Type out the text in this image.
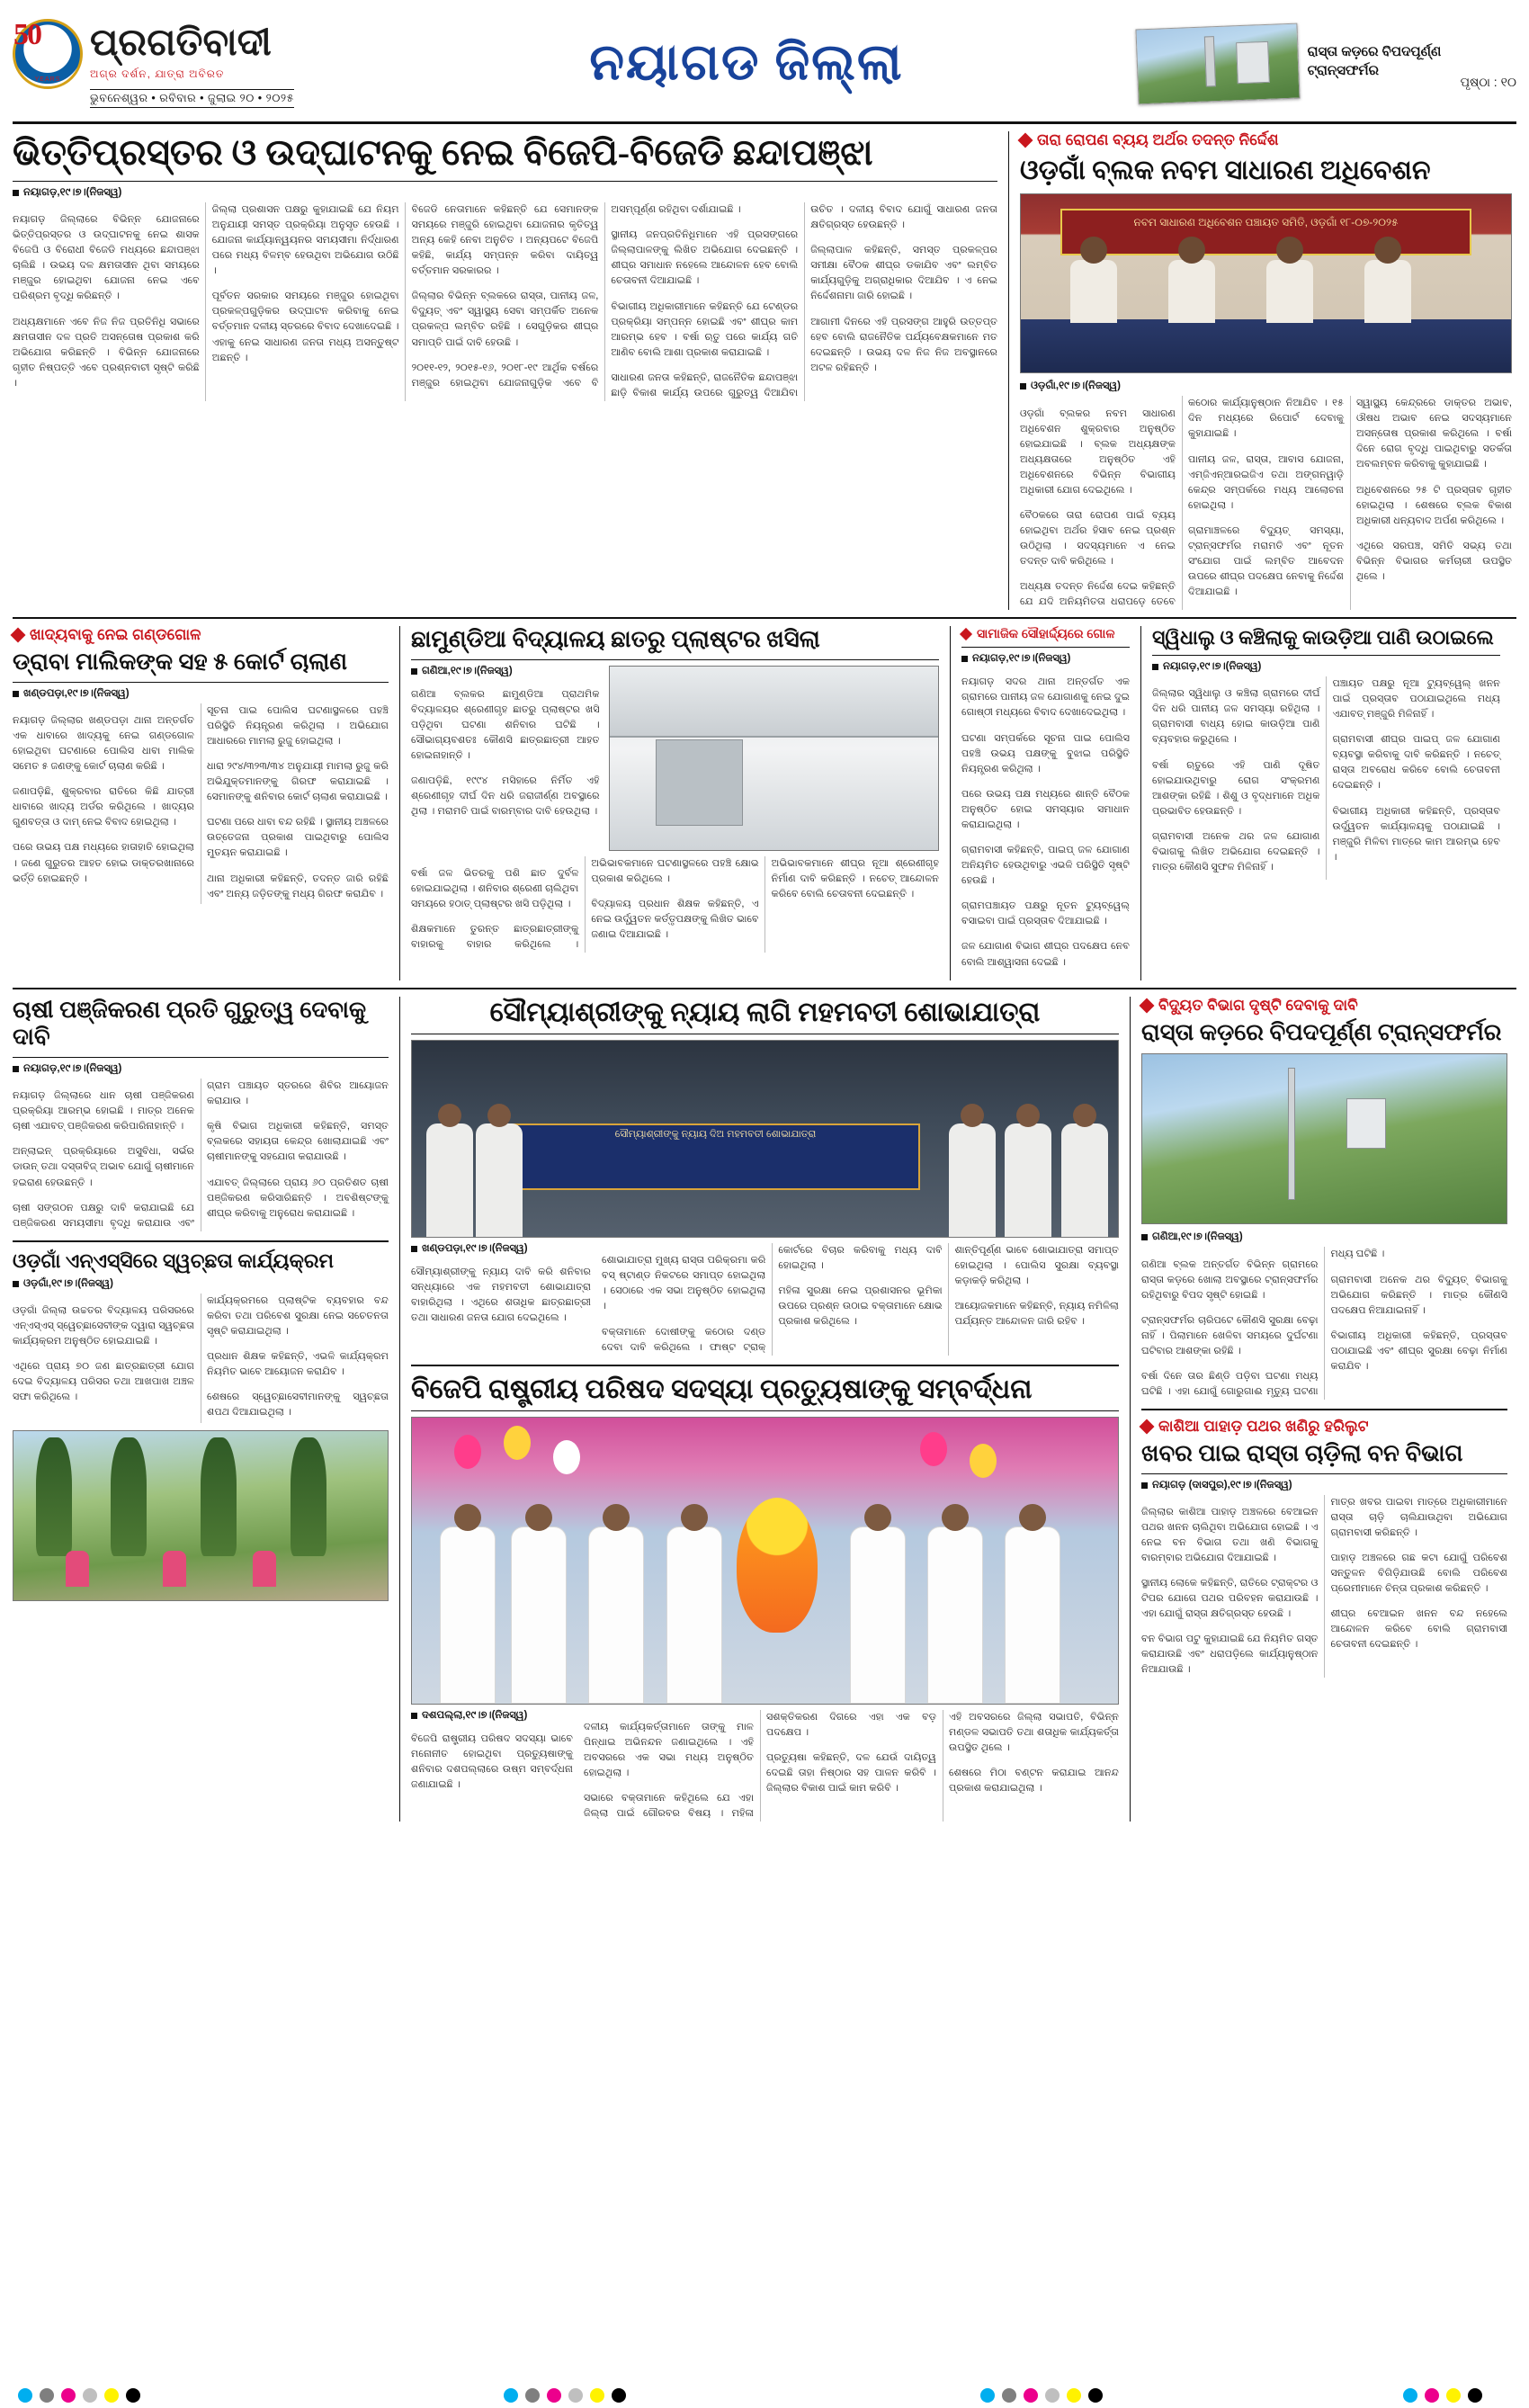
50
YEARS
ପ୍ରଗତିବାଦୀ
ଅଗ୍ର ଦର୍ଶନ, ଯାତ୍ରା ଅବିରତ
ଭୁବନେଶ୍ୱର • ରବିବାର • ଜୁଲାଇ ୨୦ • ୨୦୨୫
ନୟାଗଡ ଜିଲ୍ଲା	ରାସ୍ତା କଡ଼ରେ ବିପଦପୂର୍ଣ୍ଣ ଟ୍ରାନ୍ସଫର୍ମର
ପୃଷ୍ଠା : ୧୦
ଭିତ୍ତିପ୍ରସ୍ତର ଓ ଉଦ୍‌ଘାଟନକୁ ନେଇ ବିଜେପି-ବିଜେଡି ଛନ୍ଦାପଞ୍ଝା
ନୟାଗଡ଼,୧୯।୭।(ନିଜସ୍ୱ)

ନୟାଗଡ଼ ଜିଲ୍ଲାରେ ବିଭିନ୍ନ ଯୋଜନାରେ ଭିତ୍ତିପ୍ରସ୍ତର ଓ ଉଦ୍‌ଘାଟନକୁ ନେଇ ଶାସକ ବିଜେପି ଓ ବିରୋଧୀ ବିଜେଡି ମଧ୍ୟରେ ଛନ୍ଦାପଞ୍ଝା ଚାଲିଛି । ଉଭୟ ଦଳ କ୍ଷମତାସୀନ ଥିବା ସମୟରେ ମଞ୍ଜୁର ହୋଇଥିବା ଯୋଜନା ନେଇ ଏବେ ପରିଶ୍ରମ ବୃଦ୍ଧି କରିଛନ୍ତି ।

ଅଧ୍ୟକ୍ଷମାନେ ଏବେ ନିଜ ନିଜ ପ୍ରତିନିଧି ସଭାରେ କ୍ଷମତାସୀନ ଦଳ ପ୍ରତି ଅସନ୍ତୋଷ ପ୍ରକାଶ କରି ଅଭିଯୋଗ କରିଛନ୍ତି । ବିଭିନ୍ନ ଯୋଜନାରେ ଗୃହୀତ ନିଷ୍ପତ୍ତି ଏବେ ପ୍ରଶ୍ନବାଚୀ ସୃଷ୍ଟି କରିଛି ।

ଜିଲ୍ଲା ପ୍ରଶାସନ ପକ୍ଷରୁ କୁହାଯାଇଛି ଯେ ନିୟମ ଅନୁଯାୟୀ ସମସ୍ତ ପ୍ରକ୍ରିୟା ଅନୁସୃତ ହେଉଛି । ଯୋଜନା କାର୍ଯ୍ୟାନ୍ୱୟନର ସମୟସୀମା ନିର୍ଦ୍ଧାରଣ ପରେ ମଧ୍ୟ ବିଳମ୍ବ ହେଉଥିବା ଅଭିଯୋଗ ଉଠିଛି ।

ପୂର୍ବତନ ସରକାର ସମୟରେ ମଞ୍ଜୁର ହୋଇଥିବା ପ୍ରକଳ୍ପଗୁଡ଼ିକର ଉଦ୍‌ଘାଟନ କରିବାକୁ ନେଇ ବର୍ତ୍ତମାନ ଦଳୀୟ ସ୍ତରରେ ବିବାଦ ଦେଖାଦେଇଛି । ଏହାକୁ ନେଇ ସାଧାରଣ ଜନତା ମଧ୍ୟ ଅସନ୍ତୁଷ୍ଟ ଅଛନ୍ତି ।

ବିଜେଡି ନେତାମାନେ କହିଛନ୍ତି ଯେ ସେମାନଙ୍କ ସମୟରେ ମଞ୍ଜୁରି ହୋଇଥିବା ଯୋଜନାର କୃତିତ୍ୱ ଅନ୍ୟ କେହି ନେବା ଅନୁଚିତ । ଅନ୍ୟପଟେ ବିଜେପି କହିଛି, କାର୍ଯ୍ୟ ସମ୍ପନ୍ନ କରିବା ଦାୟିତ୍ୱ ବର୍ତ୍ତମାନ ସରକାରର ।

ଜିଲ୍ଲାର ବିଭିନ୍ନ ବ୍ଲକରେ ରାସ୍ତା, ପାନୀୟ ଜଳ, ବିଦ୍ୟୁତ୍ ଏବଂ ସ୍ୱାସ୍ଥ୍ୟ ସେବା ସମ୍ପର୍କିତ ଅନେକ ପ୍ରକଳ୍ପ ଲମ୍ବିତ ରହିଛି । ସେଗୁଡ଼ିକର ଶୀଘ୍ର ସମାପ୍ତି ପାଇଁ ଦାବି ହେଉଛି ।

୨୦୧୧-୧୨, ୨୦୧୫-୧୬, ୨୦୧୮-୧୯ ଆର୍ଥିକ ବର୍ଷରେ ମଞ୍ଜୁର ହୋଇଥିବା ଯୋଜନାଗୁଡ଼ିକ ଏବେ ବି ଅସମ୍ପୂର୍ଣ୍ଣ ରହିଥିବା ଦର୍ଶାଯାଇଛି ।

ସ୍ଥାନୀୟ ଜନପ୍ରତିନିଧିମାନେ ଏହି ପ୍ରସଙ୍ଗରେ ଜିଲ୍ଲାପାଳଙ୍କୁ ଲିଖିତ ଅଭିଯୋଗ ଦେଇଛନ୍ତି । ଶୀଘ୍ର ସମାଧାନ ନହେଲେ ଆନ୍ଦୋଳନ ହେବ ବୋଲି ଚେତାବନୀ ଦିଆଯାଇଛି ।

ବିଭାଗୀୟ ଅଧିକାରୀମାନେ କହିଛନ୍ତି ଯେ ଟେଣ୍ଡର ପ୍ରକ୍ରିୟା ସମ୍ପନ୍ନ ହୋଇଛି ଏବଂ ଶୀଘ୍ର କାମ ଆରମ୍ଭ ହେବ । ବର୍ଷା ଋତୁ ପରେ କାର୍ଯ୍ୟ ଗତି ଆଣିବ ବୋଲି ଆଶା ପ୍ରକାଶ କରାଯାଇଛି ।

ସାଧାରଣ ଜନତା କହିଛନ୍ତି, ରାଜନୈତିକ ଛନ୍ଦାପଞ୍ଝା ଛାଡ଼ି ବିକାଶ କାର୍ଯ୍ୟ ଉପରେ ଗୁରୁତ୍ୱ ଦିଆଯିବା ଉଚିତ । ଦଳୀୟ ବିବାଦ ଯୋଗୁଁ ସାଧାରଣ ଜନତା କ୍ଷତିଗ୍ରସ୍ତ ହେଉଛନ୍ତି ।

ଜିଲ୍ଲାପାଳ କହିଛନ୍ତି, ସମସ୍ତ ପ୍ରକଳ୍ପର ସମୀକ୍ଷା ବୈଠକ ଶୀଘ୍ର ଡକାଯିବ ଏବଂ ଲମ୍ବିତ କାର୍ଯ୍ୟଗୁଡ଼ିକୁ ଅଗ୍ରାଧିକାର ଦିଆଯିବ । ଏ ନେଇ ନିର୍ଦ୍ଦେଶନାମା ଜାରି ହୋଇଛି ।

ଆଗାମୀ ଦିନରେ ଏହି ପ୍ରସଙ୍ଗ ଆହୁରି ଉତ୍ତପ୍ତ ହେବ ବୋଲି ରାଜନୈତିକ ପର୍ଯ୍ୟବେକ୍ଷକମାନେ ମତ ଦେଇଛନ୍ତି । ଉଭୟ ଦଳ ନିଜ ନିଜ ଅବସ୍ଥାନରେ ଅଟଳ ରହିଛନ୍ତି ।

ତାରା ରୋପଣ ବ୍ୟୟ ଅର୍ଥର ତଦନ୍ତ ନିର୍ଦ୍ଦେଶ
ଓଡ଼ଗାଁ ବ୍ଲକ ନବମ ସାଧାରଣ ଅଧିବେଶନ
ନବମ ସାଧାରଣ ଅଧିବେଶନ ପଞ୍ଚାୟତ ସମିତି, ଓଡ଼ଗାଁ ୧୮-୦୭-୨୦୨୫
ଓଡ଼ଗାଁ,୧୯।୭।(ନିଜସ୍ୱ)

ଓଡ଼ଗାଁ ବ୍ଲକର ନବମ ସାଧାରଣ ଅଧିବେଶନ ଶୁକ୍ରବାର ଅନୁଷ୍ଠିତ ହୋଇଯାଇଛି । ବ୍ଲକ ଅଧ୍ୟକ୍ଷଙ୍କ ଅଧ୍ୟକ୍ଷତାରେ ଅନୁଷ୍ଠିତ ଏହି ଅଧିବେଶନରେ ବିଭିନ୍ନ ବିଭାଗୀୟ ଅଧିକାରୀ ଯୋଗ ଦେଇଥିଲେ ।

ବୈଠକରେ ତାରା ରୋପଣ ପାଇଁ ବ୍ୟୟ ହୋଇଥିବା ଅର୍ଥର ହିସାବ ନେଇ ପ୍ରଶ୍ନ ଉଠିଥିଲା । ସଦସ୍ୟମାନେ ଏ ନେଇ ତଦନ୍ତ ଦାବି କରିଥିଲେ ।

ଅଧ୍ୟକ୍ଷ ତଦନ୍ତ ନିର୍ଦ୍ଦେଶ ଦେଇ କହିଛନ୍ତି ଯେ ଯଦି ଅନିୟମିତତା ଧରାପଡ଼େ ତେବେ କଠୋର କାର୍ଯ୍ୟାନୁଷ୍ଠାନ ନିଆଯିବ । ୧୫ ଦିନ ମଧ୍ୟରେ ରିପୋର୍ଟ ଦେବାକୁ କୁହାଯାଇଛି ।

ପାନୀୟ ଜଳ, ରାସ୍ତା, ଆବାସ ଯୋଜନା, ଏମ୍‌ଜିଏନ୍‌ଆରଇଜିଏ ତଥା ଅଙ୍ଗନୱାଡ଼ି କେନ୍ଦ୍ର ସମ୍ପର୍କରେ ମଧ୍ୟ ଆଲୋଚନା ହୋଇଥିଲା ।

ଗ୍ରାମାଞ୍ଚଳରେ ବିଦ୍ୟୁତ୍ ସମସ୍ୟା, ଟ୍ରାନ୍ସଫର୍ମର ମରାମତି ଏବଂ ନୂତନ ସଂଯୋଗ ପାଇଁ ଲମ୍ବିତ ଆବେଦନ ଉପରେ ଶୀଘ୍ର ପଦକ୍ଷେପ ନେବାକୁ ନିର୍ଦ୍ଦେଶ ଦିଆଯାଇଛି ।

ସ୍ୱାସ୍ଥ୍ୟ କେନ୍ଦ୍ରରେ ଡାକ୍ତର ଅଭାବ, ଔଷଧ ଅଭାବ ନେଇ ସଦସ୍ୟମାନେ ଅସନ୍ତୋଷ ପ୍ରକାଶ କରିଥିଲେ । ବର୍ଷା ଦିନେ ରୋଗ ବୃଦ୍ଧି ପାଇଥିବାରୁ ସତର୍କତା ଅବଲମ୍ବନ କରିବାକୁ କୁହାଯାଇଛି ।

ଅଧିବେଶନରେ ୨୫ ଟି ପ୍ରସ୍ତାବ ଗୃହୀତ ହୋଇଥିଲା । ଶେଷରେ ବ୍ଲକ ବିକାଶ ଅଧିକାରୀ ଧନ୍ୟବାଦ ଅର୍ପଣ କରିଥିଲେ ।

ଏଥିରେ ସରପଞ୍ଚ, ସମିତି ସଭ୍ୟ ତଥା ବିଭିନ୍ନ ବିଭାଗର କର୍ମଚାରୀ ଉପସ୍ଥିତ ଥିଲେ ।

ଖାଦ୍ୟବାକୁ ନେଇ ଗଣ୍ଡଗୋଳ
ଡ୍ରାବା ମାଲିକଙ୍କ ସହ ୫ କୋର୍ଟ ଚାଲାଣ
ଖଣ୍ଡପଡ଼ା,୧୯।୭।(ନିଜସ୍ୱ)

ନୟାଗଡ଼ ଜିଲ୍ଲାର ଖଣ୍ଡପଡ଼ା ଥାନା ଅନ୍ତର୍ଗତ ଏକ ଧାବାରେ ଖାଦ୍ୟକୁ ନେଇ ଗଣ୍ଡଗୋଳ ହୋଇଥିବା ଘଟଣାରେ ପୋଲିସ ଧାବା ମାଲିକ ସମେତ ୫ ଜଣଙ୍କୁ କୋର୍ଟ ଚାଲାଣ କରିଛି ।

ଜଣାପଡ଼ିଛି, ଶୁକ୍ରବାର ରାତିରେ କିଛି ଯାତ୍ରୀ ଧାବାରେ ଖାଦ୍ୟ ଅର୍ଡର କରିଥିଲେ । ଖାଦ୍ୟର ଗୁଣବତ୍ତା ଓ ଦାମ୍ ନେଇ ବିବାଦ ହୋଇଥିଲା ।

ପରେ ଉଭୟ ପକ୍ଷ ମଧ୍ୟରେ ହାତାହାତି ହୋଇଥିଲା । ଜଣେ ଗୁରୁତର ଆହତ ହୋଇ ଡାକ୍ତରଖାନାରେ ଭର୍ତ୍ତି ହୋଇଛନ୍ତି ।

ସୂଚନା ପାଇ ପୋଲିସ ଘଟଣାସ୍ଥଳରେ ପହଞ୍ଚି ପରିସ୍ଥିତି ନିୟନ୍ତ୍ରଣ କରିଥିଲା । ଅଭିଯୋଗ ଆଧାରରେ ମାମଲା ରୁଜୁ ହୋଇଥିଲା ।

ଧାରା ୨୯୪/୩୨୩/୩୪ ଅନୁଯାୟୀ ମାମଲା ରୁଜୁ କରି ଅଭିଯୁକ୍ତମାନଙ୍କୁ ଗିରଫ କରାଯାଇଛି । ସେମାନଙ୍କୁ ଶନିବାର କୋର୍ଟ ଚାଲାଣ କରାଯାଇଛି ।

ଘଟଣା ପରେ ଧାବା ବନ୍ଦ ରହିଛି । ସ୍ଥାନୀୟ ଅଞ୍ଚଳରେ ଉତ୍ତେଜନା ପ୍ରକାଶ ପାଇଥିବାରୁ ପୋଲିସ ମୁତୟନ କରାଯାଇଛି ।

ଥାନା ଅଧିକାରୀ କହିଛନ୍ତି, ତଦନ୍ତ ଜାରି ରହିଛି ଏବଂ ଅନ୍ୟ ଜଡ଼ିତଙ୍କୁ ମଧ୍ୟ ଗିରଫ କରାଯିବ ।

ଛାମୁଣ୍ଡିଆ ବିଦ୍ୟାଳୟ ଛାତରୁ ପ୍ଲାଷ୍ଟର ଖସିଲା
ଗଣିଆ,୧୯।୭।(ନିଜସ୍ୱ)

ଗଣିଆ ବ୍ଲକର ଛାମୁଣ୍ଡିଆ ପ୍ରାଥମିକ ବିଦ୍ୟାଳୟର ଶ୍ରେଣୀଗୃହ ଛାତରୁ ପ୍ଲାଷ୍ଟର ଖସି ପଡ଼ିଥିବା ଘଟଣା ଶନିବାର ଘଟିଛି । ସୌଭାଗ୍ୟବଶତଃ କୌଣସି ଛାତ୍ରଛାତ୍ରୀ ଆହତ ହୋଇନାହାନ୍ତି ।

ଜଣାପଡ଼ିଛି, ୧୯୯୪ ମସିହାରେ ନିର୍ମିତ ଏହି ଶ୍ରେଣୀଗୃହ ଦୀର୍ଘ ଦିନ ଧରି ଜରାଜୀର୍ଣ୍ଣ ଅବସ୍ଥାରେ ଥିଲା । ମରାମତି ପାଇଁ ବାରମ୍ବାର ଦାବି ହେଉଥିଲା ।

ବର୍ଷା ଜଳ ଭିତରକୁ ପଶି ଛାତ ଦୁର୍ବଳ ହୋଇଯାଇଥିଲା । ଶନିବାର ଶ୍ରେଣୀ ଚାଲିଥିବା ସମୟରେ ହଠାତ୍ ପ୍ଲାଷ୍ଟର ଖସି ପଡ଼ିଥିଲା ।

ଶିକ୍ଷକମାନେ ତୁରନ୍ତ ଛାତ୍ରଛାତ୍ରୀଙ୍କୁ ବାହାରକୁ ବାହାର କରିଥିଲେ । ଅଭିଭାବକମାନେ ଘଟଣାସ୍ଥଳରେ ପହଞ୍ଚି କ୍ଷୋଭ ପ୍ରକାଶ କରିଥିଲେ ।

ବିଦ୍ୟାଳୟ ପ୍ରଧାନ ଶିକ୍ଷକ କହିଛନ୍ତି, ଏ ନେଇ ଉର୍ଦ୍ଧ୍ୱତନ କର୍ତ୍ତୃପକ୍ଷଙ୍କୁ ଲିଖିତ ଭାବେ ଜଣାଇ ଦିଆଯାଇଛି ।

ଅଭିଭାବକମାନେ ଶୀଘ୍ର ନୂଆ ଶ୍ରେଣୀଗୃହ ନିର୍ମାଣ ଦାବି କରିଛନ୍ତି । ନଚେତ୍ ଆନ୍ଦୋଳନ କରିବେ ବୋଲି ଚେତାବନୀ ଦେଇଛନ୍ତି ।

ସାମାଜିକ ସୌହାର୍ଦ୍ଦ୍ୟରେ ଗୋଳ
ନୟାଗଡ଼,୧୯।୭।(ନିଜସ୍ୱ)

ନୟାଗଡ଼ ସଦର ଥାନା ଅନ୍ତର୍ଗତ ଏକ ଗ୍ରାମରେ ପାନୀୟ ଜଳ ଯୋଗାଣକୁ ନେଇ ଦୁଇ ଗୋଷ୍ଠୀ ମଧ୍ୟରେ ବିବାଦ ଦେଖାଦେଇଥିଲା ।

ଘଟଣା ସମ୍ପର୍କରେ ସୂଚନା ପାଇ ପୋଲିସ ପହଞ୍ଚି ଉଭୟ ପକ୍ଷଙ୍କୁ ବୁଝାଇ ପରିସ୍ଥିତି ନିୟନ୍ତ୍ରଣ କରିଥିଲା ।

ପରେ ଉଭୟ ପକ୍ଷ ମଧ୍ୟରେ ଶାନ୍ତି ବୈଠକ ଅନୁଷ୍ଠିତ ହୋଇ ସମସ୍ୟାର ସମାଧାନ କରାଯାଇଥିଲା ।

ଗ୍ରାମବାସୀ କହିଛନ୍ତି, ପାଇପ୍ ଜଳ ଯୋଗାଣ ଅନିୟମିତ ହେଉଥିବାରୁ ଏଭଳି ପରିସ୍ଥିତି ସୃଷ୍ଟି ହେଉଛି ।

ଗ୍ରାମପଞ୍ଚାୟତ ପକ୍ଷରୁ ନୂତନ ଟ୍ୟୁବ୍‌ୱେଲ୍ ବସାଇବା ପାଇଁ ପ୍ରସ୍ତାବ ଦିଆଯାଇଛି ।

ଜଳ ଯୋଗାଣ ବିଭାଗ ଶୀଘ୍ର ପଦକ୍ଷେପ ନେବ ବୋଲି ଆଶ୍ୱାସନା ଦେଇଛି ।

ସ୍ୱିଧାଲୁ ଓ କଞ୍ଚିଲାକୁ କାଉଡ଼ିଆ ପାଣି ଉଠାଇଲେ
ନୟାଗଡ଼,୧୯।୭।(ନିଜସ୍ୱ)

ଜିଲ୍ଲାର ସ୍ୱିଧାଲୁ ଓ କଞ୍ଚିଲା ଗ୍ରାମରେ ଦୀର୍ଘ ଦିନ ଧରି ପାନୀୟ ଜଳ ସମସ୍ୟା ରହିଥିଲା । ଗ୍ରାମବାସୀ ବାଧ୍ୟ ହୋଇ କାଉଡ଼ିଆ ପାଣି ବ୍ୟବହାର କରୁଥିଲେ ।

ବର୍ଷା ଋତୁରେ ଏହି ପାଣି ଦୂଷିତ ହୋଇଯାଉଥିବାରୁ ରୋଗ ସଂକ୍ରମଣ ଆଶଙ୍କା ରହିଛି । ଶିଶୁ ଓ ବୃଦ୍ଧମାନେ ଅଧିକ ପ୍ରଭାବିତ ହେଉଛନ୍ତି ।

ଗ୍ରାମବାସୀ ଅନେକ ଥର ଜଳ ଯୋଗାଣ ବିଭାଗକୁ ଲିଖିତ ଅଭିଯୋଗ ଦେଇଛନ୍ତି । ମାତ୍ର କୌଣସି ସୁଫଳ ମିଳିନାହିଁ ।

ପଞ୍ଚାୟତ ପକ୍ଷରୁ ନୂଆ ଟ୍ୟୁବ୍‌ୱେଲ୍ ଖନନ ପାଇଁ ପ୍ରସ୍ତାବ ପଠାଯାଇଥିଲେ ମଧ୍ୟ ଏଯାବତ୍ ମଞ୍ଜୁରି ମିଳିନାହିଁ ।

ଗ୍ରାମବାସୀ ଶୀଘ୍ର ପାଇପ୍ ଜଳ ଯୋଗାଣ ବ୍ୟବସ୍ଥା କରିବାକୁ ଦାବି କରିଛନ୍ତି । ନଚେତ୍ ରାସ୍ତା ଅବରୋଧ କରିବେ ବୋଲି ଚେତାବନୀ ଦେଇଛନ୍ତି ।

ବିଭାଗୀୟ ଅଧିକାରୀ କହିଛନ୍ତି, ପ୍ରସ୍ତାବ ଉର୍ଦ୍ଧ୍ୱତନ କାର୍ଯ୍ୟାଳୟକୁ ପଠାଯାଇଛି । ମଞ୍ଜୁରି ମିଳିବା ମାତ୍ରେ କାମ ଆରମ୍ଭ ହେବ ।

ଚାଷୀ ପଞ୍ଜିକରଣ ପ୍ରତି ଗୁରୁତ୍ୱ ଦେବାକୁ ଦାବି
ନୟାଗଡ଼,୧୯।୭।(ନିଜସ୍ୱ)

ନୟାଗଡ଼ ଜିଲ୍ଲାରେ ଧାନ ଚାଷୀ ପଞ୍ଜିକରଣ ପ୍ରକ୍ରିୟା ଆରମ୍ଭ ହୋଇଛି । ମାତ୍ର ଅନେକ ଚାଷୀ ଏଯାବତ୍ ପଞ୍ଜିକରଣ କରିପାରିନାହାନ୍ତି ।

ଅନ୍‌ଲାଇନ୍ ପ୍ରକ୍ରିୟାରେ ଅସୁବିଧା, ସର୍ଭର ଡାଉନ୍ ତଥା ଦସ୍ତାବିଜ୍ ଅଭାବ ଯୋଗୁଁ ଚାଷୀମାନେ ହଇରାଣ ହେଉଛନ୍ତି ।

ଚାଷୀ ସଙ୍ଗଠନ ପକ୍ଷରୁ ଦାବି କରାଯାଇଛି ଯେ ପଞ୍ଜିକରଣ ସମୟସୀମା ବୃଦ୍ଧି କରାଯାଉ ଏବଂ ଗ୍ରାମ ପଞ୍ଚାୟତ ସ୍ତରରେ ଶିବିର ଆୟୋଜନ କରାଯାଉ ।

କୃଷି ବିଭାଗ ଅଧିକାରୀ କହିଛନ୍ତି, ସମସ୍ତ ବ୍ଲକରେ ସହାୟତା କେନ୍ଦ୍ର ଖୋଲାଯାଇଛି ଏବଂ ଚାଷୀମାନଙ୍କୁ ସହଯୋଗ କରାଯାଉଛି ।

ଏଯାବତ୍ ଜିଲ୍ଲାରେ ପ୍ରାୟ ୬୦ ପ୍ରତିଶତ ଚାଷୀ ପଞ୍ଜିକରଣ କରିସାରିଛନ୍ତି । ଅବଶିଷ୍ଟଙ୍କୁ ଶୀଘ୍ର କରିବାକୁ ଅନୁରୋଧ କରାଯାଇଛି ।

ଓଡ଼ଗାଁ ଏନ୍‌ଏସ୍‌ସିରେ ସ୍ୱଚ୍ଛତା କାର୍ଯ୍ୟକ୍ରମ
ଓଡ଼ଗାଁ,୧୯।୭।(ନିଜସ୍ୱ)

ଓଡ଼ଗାଁ ଜିଲ୍ଲା ଉଚ୍ଚତର ବିଦ୍ୟାଳୟ ପରିସରରେ ଏନ୍‌ଏସ୍‌ଏସ୍ ସ୍ୱେଚ୍ଛାସେବୀଙ୍କ ଦ୍ୱାରା ସ୍ୱଚ୍ଛତା କାର୍ଯ୍ୟକ୍ରମ ଅନୁଷ୍ଠିତ ହୋଇଯାଇଛି ।

ଏଥିରେ ପ୍ରାୟ ୭୦ ଜଣ ଛାତ୍ରଛାତ୍ରୀ ଯୋଗ ଦେଇ ବିଦ୍ୟାଳୟ ପରିସର ତଥା ଆଖପାଖ ଅଞ୍ଚଳ ସଫା କରିଥିଲେ ।

କାର୍ଯ୍ୟକ୍ରମରେ ପ୍ଲାଷ୍ଟିକ ବ୍ୟବହାର ବନ୍ଦ କରିବା ତଥା ପରିବେଶ ସୁରକ୍ଷା ନେଇ ସଚେତନତା ସୃଷ୍ଟି କରାଯାଇଥିଲା ।

ପ୍ରଧାନ ଶିକ୍ଷକ କହିଛନ୍ତି, ଏଭଳି କାର୍ଯ୍ୟକ୍ରମ ନିୟମିତ ଭାବେ ଆୟୋଜନ କରାଯିବ ।

ଶେଷରେ ସ୍ୱେଚ୍ଛାସେବୀମାନଙ୍କୁ ସ୍ୱଚ୍ଛତା ଶପଥ ଦିଆଯାଇଥିଲା ।

ସୌମ୍ୟାଶ୍ରୀଙ୍କୁ ନ୍ୟାୟ ଲାଗି ମହମବତୀ ଶୋଭାଯାତ୍ରା
ସୌମ୍ୟାଶ୍ରୀଙ୍କୁ ନ୍ୟାୟ ଦିଅ ମହମବତୀ ଶୋଭାଯାତ୍ରା
ଖଣ୍ଡପଡ଼ା,୧୯।୭।(ନିଜସ୍ୱ)

ସୌମ୍ୟାଶ୍ରୀଙ୍କୁ ନ୍ୟାୟ ଦାବି କରି ଶନିବାର ସନ୍ଧ୍ୟାରେ ଏକ ମହମବତୀ ଶୋଭାଯାତ୍ରା ବାହାରିଥିଲା । ଏଥିରେ ଶତାଧିକ ଛାତ୍ରଛାତ୍ରୀ ତଥା ସାଧାରଣ ଜନତା ଯୋଗ ଦେଇଥିଲେ ।

ଶୋଭାଯାତ୍ରା ମୁଖ୍ୟ ରାସ୍ତା ପରିକ୍ରମା କରି ବସ୍ ଷ୍ଟାଣ୍ଡ ନିକଟରେ ସମାପ୍ତ ହୋଇଥିଲା । ସେଠାରେ ଏକ ସଭା ଅନୁଷ୍ଠିତ ହୋଇଥିଲା ।

ବକ୍ତାମାନେ ଦୋଷୀଙ୍କୁ କଠୋର ଦଣ୍ଡ ଦେବା ଦାବି କରିଥିଲେ । ଫାଷ୍ଟ ଟ୍ରାକ୍ କୋର୍ଟରେ ବିଚାର କରିବାକୁ ମଧ୍ୟ ଦାବି ହୋଇଥିଲା ।

ମହିଳା ସୁରକ୍ଷା ନେଇ ପ୍ରଶାସନର ଭୂମିକା ଉପରେ ପ୍ରଶ୍ନ ଉଠାଇ ବକ୍ତାମାନେ କ୍ଷୋଭ ପ୍ରକାଶ କରିଥିଲେ ।

ଶାନ୍ତିପୂର୍ଣ୍ଣ ଭାବେ ଶୋଭାଯାତ୍ରା ସମାପ୍ତ ହୋଇଥିଲା । ପୋଲିସ ସୁରକ୍ଷା ବ୍ୟବସ୍ଥା କଡ଼ାକଡ଼ି କରିଥିଲା ।

ଆୟୋଜକମାନେ କହିଛନ୍ତି, ନ୍ୟାୟ ନମିଳିଲା ପର୍ଯ୍ୟନ୍ତ ଆନ୍ଦୋଳନ ଜାରି ରହିବ ।

ବିଜେପି ରାଷ୍ଟ୍ରୀୟ ପରିଷଦ ସଦସ୍ୟା ପ୍ରତ୍ୟୁଷାଙ୍କୁ ସମ୍ବର୍ଦ୍ଧନା
ଦଶପଲ୍ଲା,୧୯।୭।(ନିଜସ୍ୱ)

ବିଜେପି ରାଷ୍ଟ୍ରୀୟ ପରିଷଦ ସଦସ୍ୟା ଭାବେ ମନୋନୀତ ହୋଇଥିବା ପ୍ରତ୍ୟୁଷାଙ୍କୁ ଶନିବାର ଦଶପଲ୍ଲାରେ ଉଷ୍ମ ସମ୍ବର୍ଦ୍ଧନା ଜଣାଯାଇଛି ।

ଦଳୀୟ କାର୍ଯ୍ୟକର୍ତ୍ତାମାନେ ତାଙ୍କୁ ମାଳ ପିନ୍ଧାଇ ଅଭିନନ୍ଦନ ଜଣାଇଥିଲେ । ଏହି ଅବସରରେ ଏକ ସଭା ମଧ୍ୟ ଅନୁଷ୍ଠିତ ହୋଇଥିଲା ।

ସଭାରେ ବକ୍ତାମାନେ କହିଥିଲେ ଯେ ଏହା ଜିଲ୍ଲା ପାଇଁ ଗୌରବର ବିଷୟ । ମହିଳା ସଶକ୍ତିକରଣ ଦିଗରେ ଏହା ଏକ ବଡ଼ ପଦକ୍ଷେପ ।

ପ୍ରତ୍ୟୁଷା କହିଛନ୍ତି, ଦଳ ଯେଉଁ ଦାୟିତ୍ୱ ଦେଇଛି ତାହା ନିଷ୍ଠାର ସହ ପାଳନ କରିବି । ଜିଲ୍ଲାର ବିକାଶ ପାଇଁ କାମ କରିବି ।

ଏହି ଅବସରରେ ଜିଲ୍ଲା ସଭାପତି, ବିଭିନ୍ନ ମଣ୍ଡଳ ସଭାପତି ତଥା ଶତାଧିକ କାର୍ଯ୍ୟକର୍ତ୍ତା ଉପସ୍ଥିତ ଥିଲେ ।

ଶେଷରେ ମିଠା ବଣ୍ଟନ କରାଯାଇ ଆନନ୍ଦ ପ୍ରକାଶ କରାଯାଇଥିଲା ।

ବିଦ୍ୟୁତ ବିଭାଗ ଦୃଷ୍ଟି ଦେବାକୁ ଦାବି
ରାସ୍ତା କଡ଼ରେ ବିପଦପୂର୍ଣ୍ଣ ଟ୍ରାନ୍ସଫର୍ମର
ଗଣିଆ,୧୯।୭।(ନିଜସ୍ୱ)

ଗଣିଆ ବ୍ଲକ ଅନ୍ତର୍ଗତ ବିଭିନ୍ନ ଗ୍ରାମରେ ରାସ୍ତା କଡ଼ରେ ଖୋଲା ଅବସ୍ଥାରେ ଟ୍ରାନ୍ସଫର୍ମର ରହିଥିବାରୁ ବିପଦ ସୃଷ୍ଟି ହୋଇଛି ।

ଟ୍ରାନ୍ସଫର୍ମର ଚାରିପଟେ କୌଣସି ସୁରକ୍ଷା ବେଢ଼ା ନାହିଁ । ପିଲାମାନେ ଖେଳିବା ସମୟରେ ଦୁର୍ଘଟଣା ଘଟିବାର ଆଶଙ୍କା ରହିଛି ।

ବର୍ଷା ଦିନେ ତାର ଛିଣ୍ଡି ପଡ଼ିବା ଘଟଣା ମଧ୍ୟ ଘଟିଛି । ଏହା ଯୋଗୁଁ ଗୋରୁଗାଈ ମୃତ୍ୟୁ ଘଟଣା ମଧ୍ୟ ଘଟିଛି ।

ଗ୍ରାମବାସୀ ଅନେକ ଥର ବିଦ୍ୟୁତ୍ ବିଭାଗକୁ ଅଭିଯୋଗ କରିଛନ୍ତି । ମାତ୍ର କୌଣସି ପଦକ୍ଷେପ ନିଆଯାଇନାହିଁ ।

ବିଭାଗୀୟ ଅଧିକାରୀ କହିଛନ୍ତି, ପ୍ରସ୍ତାବ ପଠାଯାଇଛି ଏବଂ ଶୀଘ୍ର ସୁରକ୍ଷା ବେଢ଼ା ନିର୍ମାଣ କରାଯିବ ।

କାଶିଆ ପାହାଡ଼ ପଥର ଖଣିରୁ ହରିଲୁଟ
ଖବର ପାଇ ରାସ୍ତା ଚାଡ଼ିଲା ବନ ବିଭାଗ
ନୟାଗଡ଼ (ଦାସପୁର),୧୯।୭।(ନିଜସ୍ୱ)

ଜିଲ୍ଲାର କାଶିଆ ପାହାଡ଼ ଅଞ୍ଚଳରେ ବେଆଇନ ପଥର ଖନନ ଚାଲିଥିବା ଅଭିଯୋଗ ହୋଇଛି । ଏ ନେଇ ବନ ବିଭାଗ ତଥା ଖଣି ବିଭାଗକୁ ବାରମ୍ବାର ଅଭିଯୋଗ ଦିଆଯାଇଛି ।

ସ୍ଥାନୀୟ ଲୋକେ କହିଛନ୍ତି, ରାତିରେ ଟ୍ରାକ୍ଟର ଓ ଟିପର ଯୋଗେ ପଥର ପରିବହନ କରାଯାଉଛି । ଏହା ଯୋଗୁଁ ରାସ୍ତା କ୍ଷତିଗ୍ରସ୍ତ ହେଉଛି ।

ବନ ବିଭାଗ ପଟୁ କୁହାଯାଇଛି ଯେ ନିୟମିତ ଗସ୍ତ କରାଯାଉଛି ଏବଂ ଧରାପଡ଼ିଲେ କାର୍ଯ୍ୟାନୁଷ୍ଠାନ ନିଆଯାଉଛି ।

ମାତ୍ର ଖବର ପାଇବା ମାତ୍ରେ ଅଧିକାରୀମାନେ ରାସ୍ତା ଚାଡ଼ି ଚାଲିଯାଉଥିବା ଅଭିଯୋଗ ଗ୍ରାମବାସୀ କରିଛନ୍ତି ।

ପାହାଡ଼ ଅଞ୍ଚଳରେ ଗଛ କଟା ଯୋଗୁଁ ପରିବେଶ ସନ୍ତୁଳନ ବିଗିଡ଼ିଯାଉଛି ବୋଲି ପରିବେଶ ପ୍ରେମୀମାନେ ଚିନ୍ତା ପ୍ରକାଶ କରିଛନ୍ତି ।

ଶୀଘ୍ର ବେଆଇନ ଖନନ ବନ୍ଦ ନହେଲେ ଆନ୍ଦୋଳନ କରିବେ ବୋଲି ଗ୍ରାମବାସୀ ଚେତାବନୀ ଦେଇଛନ୍ତି ।
